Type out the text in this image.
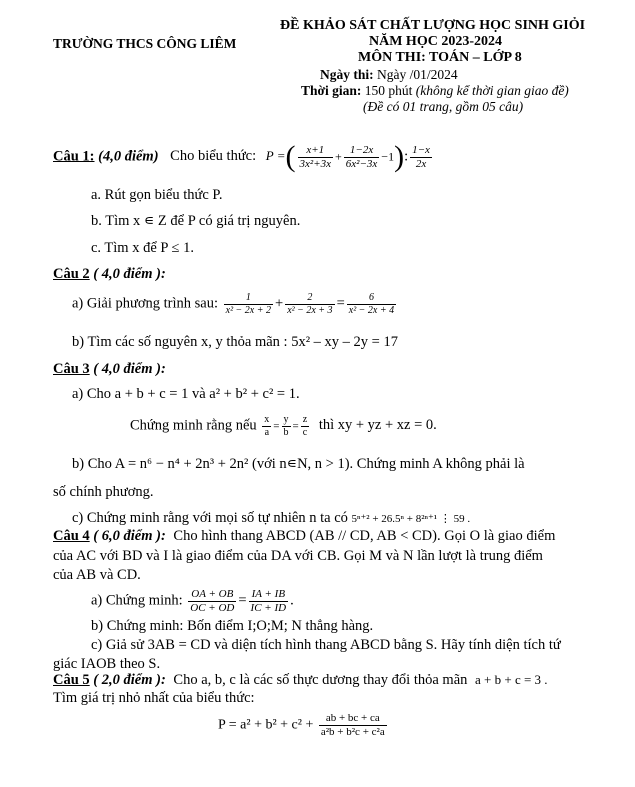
TRƯỜNG THCS CÔNG LIÊM
ĐỀ KHẢO SÁT CHẤT LƯỢNG HỌC SINH GIỎI
NĂM HỌC 2023-2024
MÔN THI: TOÁN – LỚP 8
Ngày thi: Ngày /01/2024
Thời gian: 150 phút (không kể thời gian giao đề)
(Đề có 01 trang, gồm 05 câu)
Câu 1: (4,0 điểm) Cho biểu thức: P =( $\frac{x+1}{\text{3x²+3x}} + \frac{1-2x}{\text{6x²−3x}} -1$): $\frac{1-x}{2x}$
a. Rút gọn biểu thức P.
b. Tìm x ∊ Z để P có giá trị nguyên.
c. Tìm x để P ≤ 1.
Câu 2 ( 4,0 điểm ):
a) Giải phương trình sau: $\frac{1}{\text{x² − 2x + 2}} + \frac{2}{\text{x² − 2x + 3}} = \frac{6}{\text{x² − 2x + 4}}$
b) Tìm các số nguyên x, y thỏa mãn : 5x² – xy – 2y = 17
Câu 3 ( 4,0 điểm ):
a) Cho a + b + c = 1 và a² + b² + c² = 1.
Chứng minh rằng nếu $\frac{x}{a} = \frac{y}{b} = \frac{z}{c}$ thì xy + yz + xz = 0.
b) Cho A = n⁶ − n⁴ + 2n³ + 2n² (với n∊N, n > 1). Chứng minh A không phải là
số chính phương.
c) Chứng minh rằng với mọi số tự nhiên n ta có 5ⁿ⁺² + 26.5ⁿ + 8²ⁿ⁺¹ ⋮ 59 .
Câu 4 ( 6,0 điểm ): Cho hình thang ABCD (AB // CD, AB < CD). Gọi O là giao điểm
của AC với BD và I là giao điểm của DA với CB. Gọi M và N lần lượt là trung điểm
của AB và CD.
a) Chứng minh: $\frac{OA + OB}{OC + OD} = \frac{IA + IB}{IC + ID}$ .
b) Chứng minh: Bốn điểm I;O;M; N thẳng hàng.
c) Giả sử 3AB = CD và diện tích hình thang ABCD bằng S. Hãy tính diện tích tứ
giác IAOB theo S.
Câu 5 ( 2,0 điểm ): Cho a, b, c là các số thực dương thay đổi thỏa mãn a + b + c = 3 .
Tìm giá trị nhỏ nhất của biểu thức:
$P = a^2 + b^2 + c^2 + \frac{ab + bc + ca}{\text{a²b + b²c + c²a}}$
